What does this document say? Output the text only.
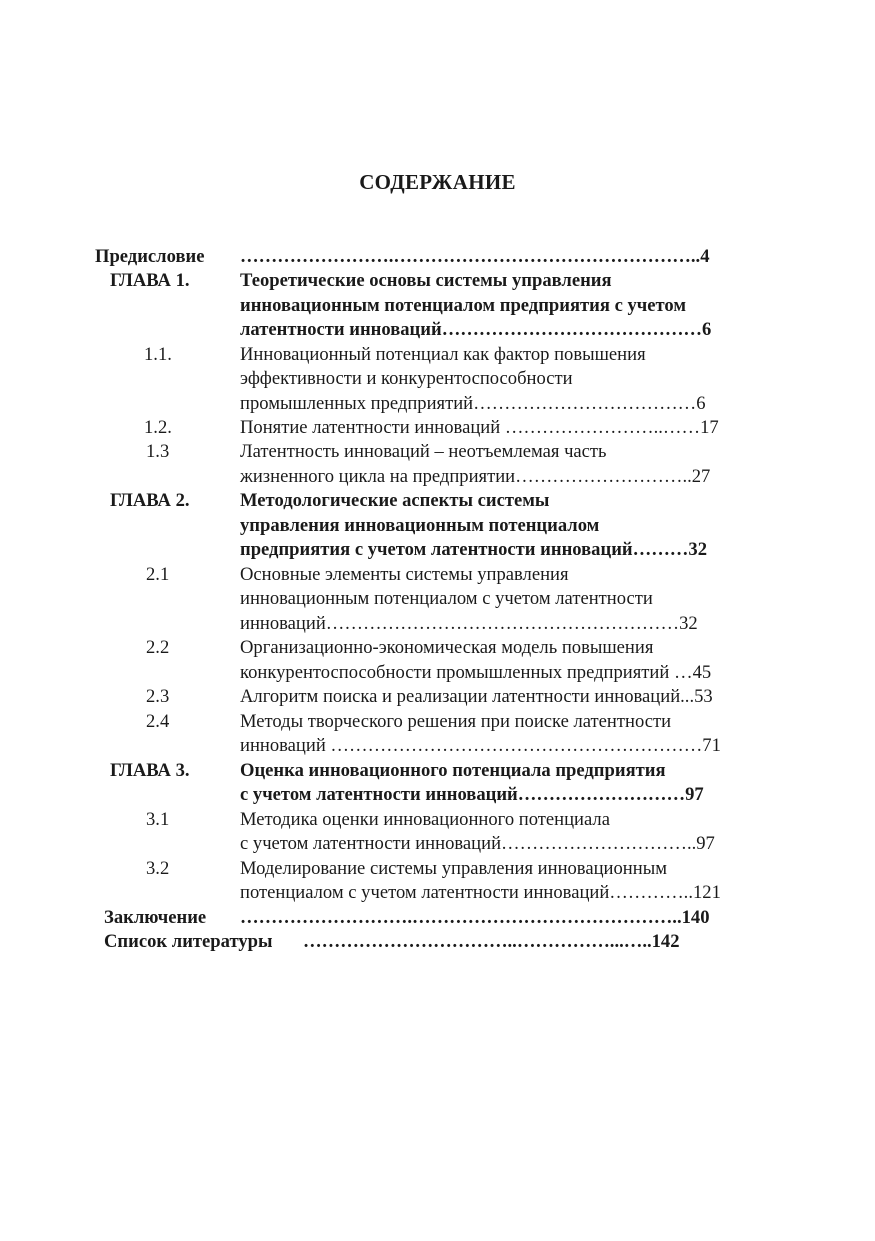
СОДЕРЖАНИЕ
Предисловие …………………….…………………………………………..4
ГЛАВА 1.	Теоретические основы системы управления
инновационным потенциалом предприятия с учетом
латентности инноваций……………………………………6
1.1.	Инновационный потенциал как фактор повышения
эффективности и конкурентоспособности
промышленных предприятий………………………………6
1.2.	Понятие латентности инноваций ……………………..……17
1.3	Латентность инноваций – неотъемлемая часть
жизненного цикла на предприятии………………………..27
ГЛАВА 2.	Методологические аспекты системы
управления инновационным потенциалом
предприятия с учетом латентности инноваций………32
2.1	Основные элементы системы управления
инновационным потенциалом с учетом латентности
инноваций…………………………………………………32
2.2	Организационно-экономическая модель повышения
конкурентоспособности промышленных предприятий …45
2.3	Алгоритм поиска и реализации латентности инноваций...53
2.4	Методы творческого решения при поиске латентности
инноваций ……………………………………………………71
ГЛАВА 3.	Оценка инновационного потенциала предприятия
с учетом латентности инноваций………………………97
3.1	Методика оценки инновационного потенциала
с учетом латентности инноваций…………………………..97
3.2	Моделирование системы управления инновационным
потенциалом с учетом латентности инноваций…………..121
Заключение ……………………….……………………………………..140
Список литературы ……………………………..……………...…..142
